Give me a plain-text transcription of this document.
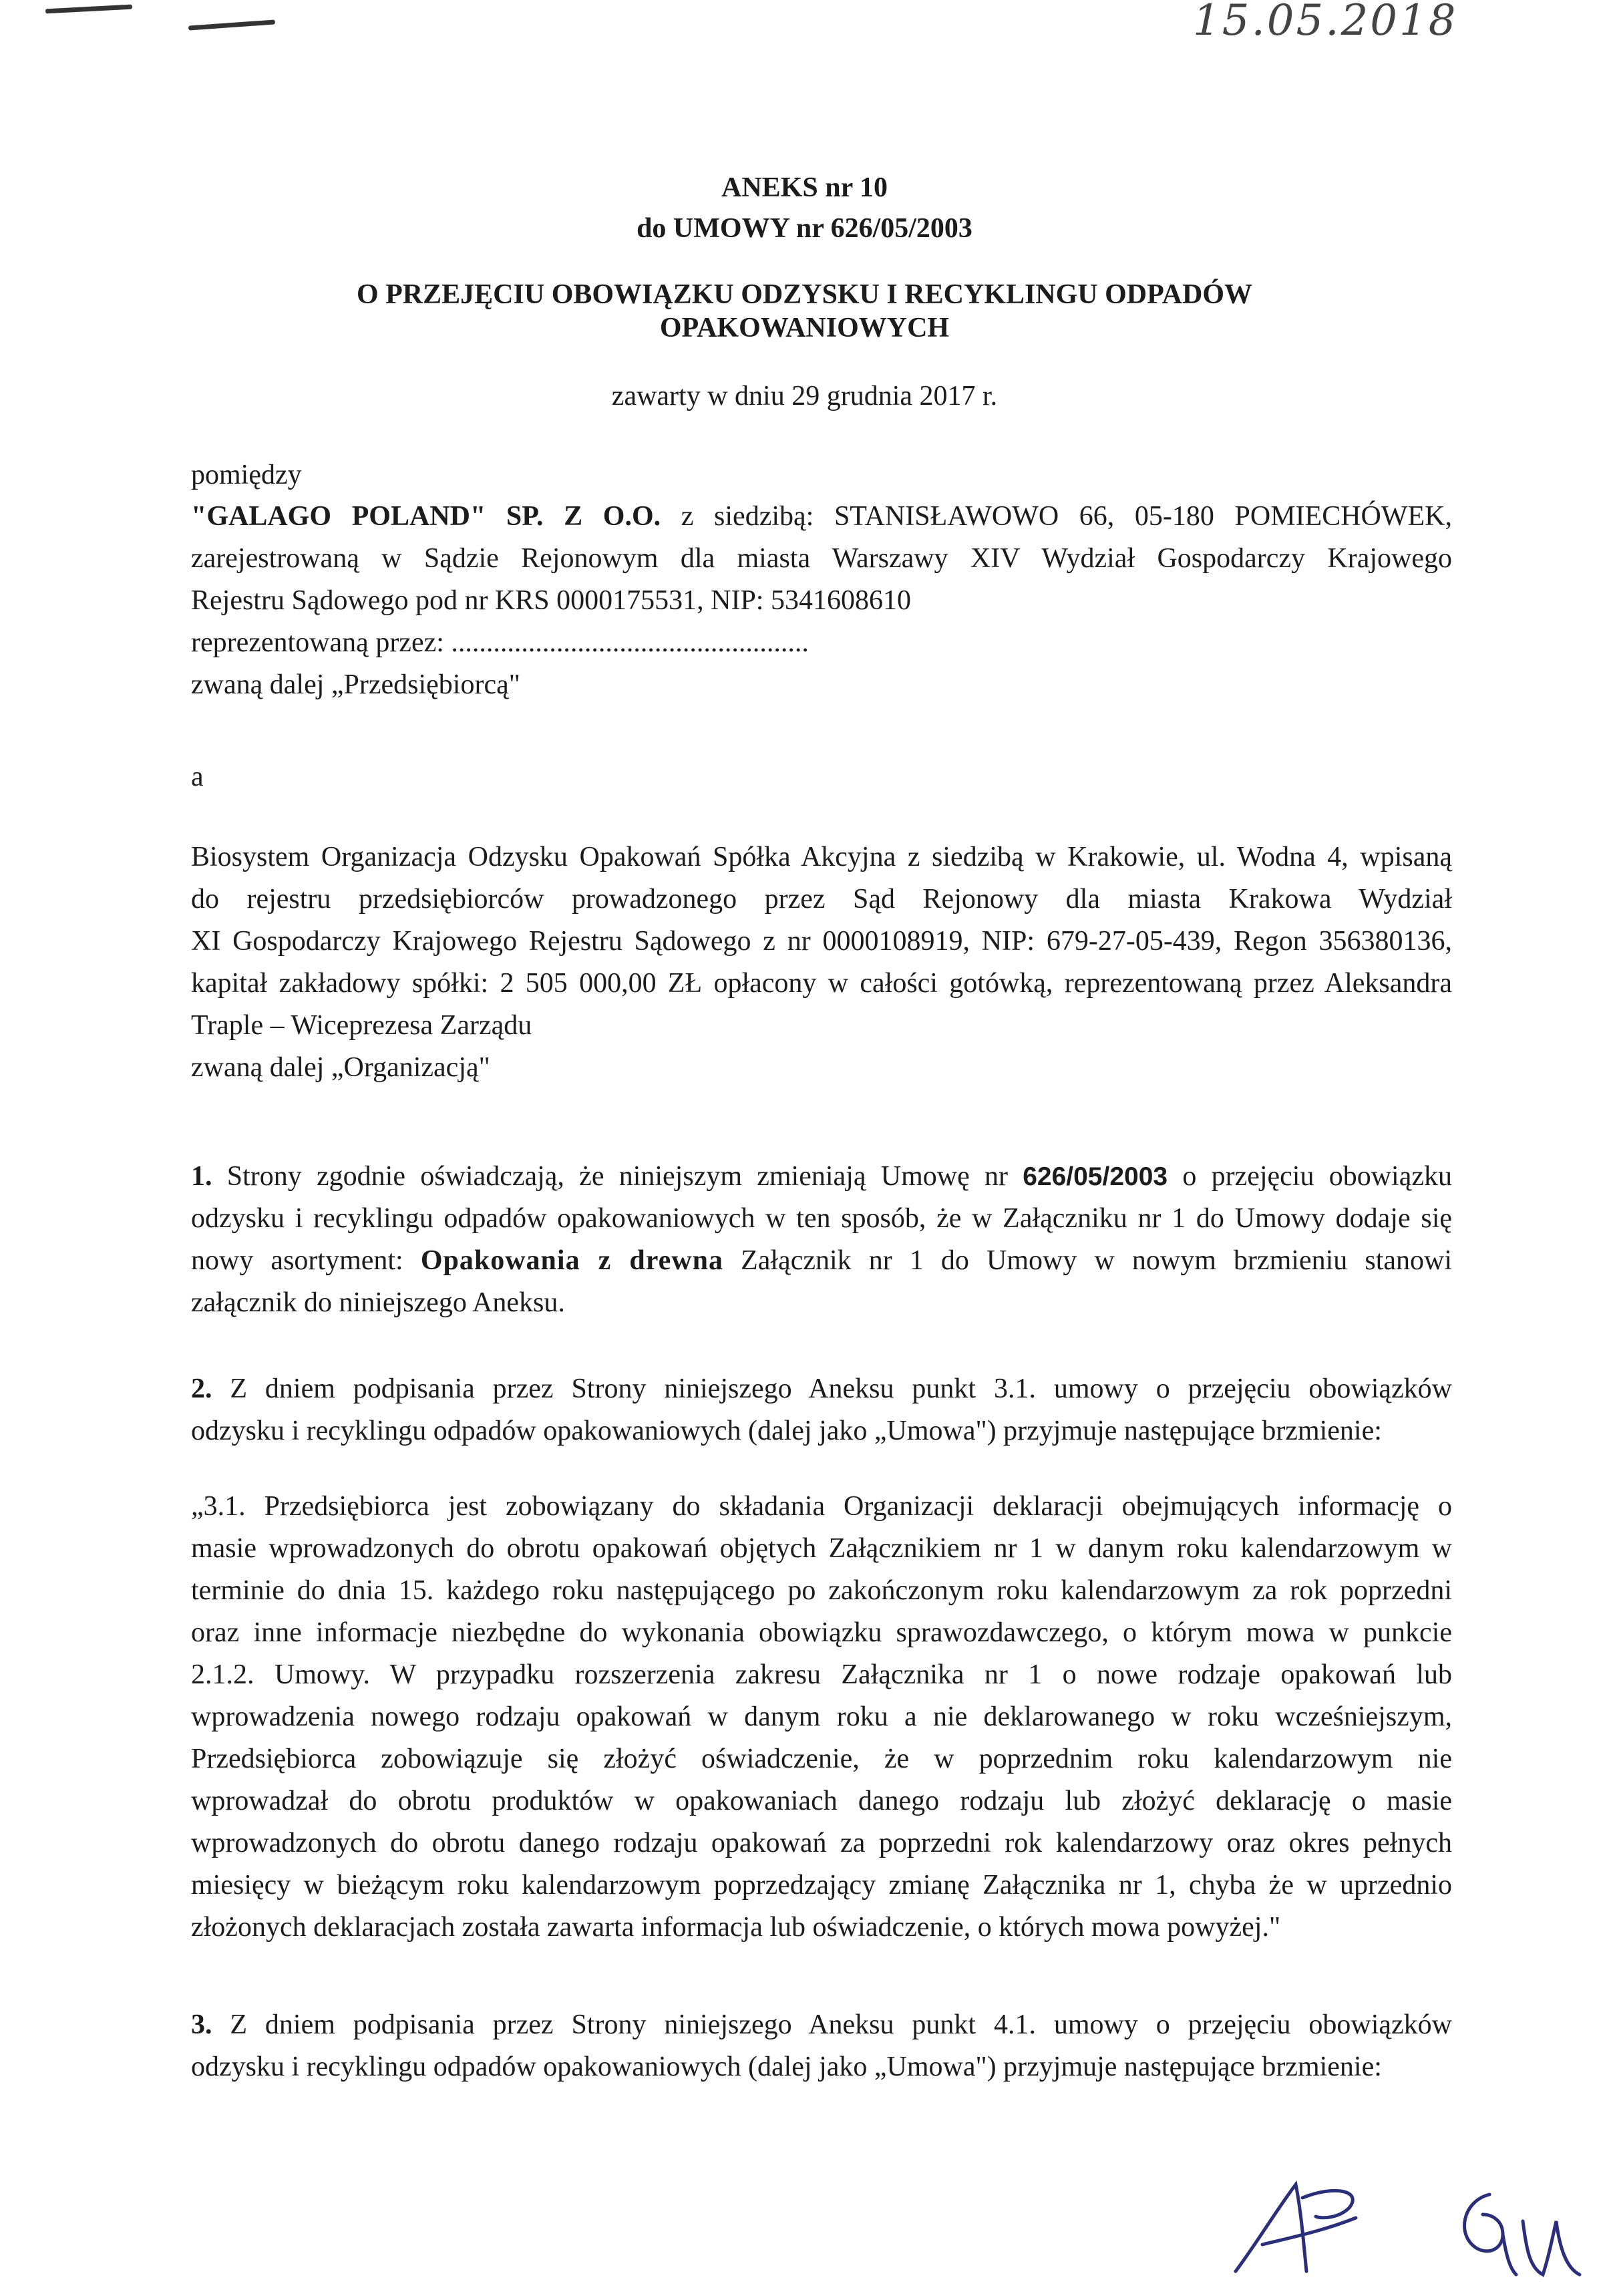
15.05.2018
ANEKS nr 10
do UMOWY nr 626/05/2003
O PRZEJĘCIU OBOWIĄZKU ODZYSKU I RECYKLINGU ODPADÓW
OPAKOWANIOWYCH
zawarty w dniu 29 grudnia 2017 r.
pomiędzy
"GALAGO POLAND" SP. Z O.O. z siedzibą: STANISŁAWOWO 66, 05-180 POMIECHÓWEK,
zarejestrowaną w Sądzie Rejonowym dla miasta Warszawy XIV Wydział Gospodarczy Krajowego
Rejestru Sądowego pod nr KRS 0000175531, NIP: 5341608610
reprezentowaną przez: ...................................................
zwaną dalej „Przedsiębiorcą"
a
Biosystem Organizacja Odzysku Opakowań Spółka Akcyjna z siedzibą w Krakowie, ul. Wodna 4, wpisaną
do rejestru przedsiębiorców prowadzonego przez Sąd Rejonowy dla miasta Krakowa Wydział
XI Gospodarczy Krajowego Rejestru Sądowego z nr 0000108919, NIP: 679-27-05-439, Regon 356380136,
kapitał zakładowy spółki: 2 505 000,00 ZŁ opłacony w całości gotówką, reprezentowaną przez Aleksandra
Traple – Wiceprezesa Zarządu
zwaną dalej „Organizacją"
1. Strony zgodnie oświadczają, że niniejszym zmieniają Umowę nr 626/05/2003 o przejęciu obowiązku
odzysku i recyklingu odpadów opakowaniowych w ten sposób, że w Załączniku nr 1 do Umowy dodaje się
nowy asortyment: Opakowania z drewna Załącznik nr 1 do Umowy w nowym brzmieniu stanowi
załącznik do niniejszego Aneksu.
2. Z dniem podpisania przez Strony niniejszego Aneksu punkt 3.1. umowy o przejęciu obowiązków
odzysku i recyklingu odpadów opakowaniowych (dalej jako „Umowa") przyjmuje następujące brzmienie:
„3.1. Przedsiębiorca jest zobowiązany do składania Organizacji deklaracji obejmujących informację o
masie wprowadzonych do obrotu opakowań objętych Załącznikiem nr 1 w danym roku kalendarzowym w
terminie do dnia 15. każdego roku następującego po zakończonym roku kalendarzowym za rok poprzedni
oraz inne informacje niezbędne do wykonania obowiązku sprawozdawczego, o którym mowa w punkcie
2.1.2. Umowy. W przypadku rozszerzenia zakresu Załącznika nr 1 o nowe rodzaje opakowań lub
wprowadzenia nowego rodzaju opakowań w danym roku a nie deklarowanego w roku wcześniejszym,
Przedsiębiorca zobowiązuje się złożyć oświadczenie, że w poprzednim roku kalendarzowym nie
wprowadzał do obrotu produktów w opakowaniach danego rodzaju lub złożyć deklarację o masie
wprowadzonych do obrotu danego rodzaju opakowań za poprzedni rok kalendarzowy oraz okres pełnych
miesięcy w bieżącym roku kalendarzowym poprzedzający zmianę Załącznika nr 1, chyba że w uprzednio
złożonych deklaracjach została zawarta informacja lub oświadczenie, o których mowa powyżej."
3. Z dniem podpisania przez Strony niniejszego Aneksu punkt 4.1. umowy o przejęciu obowiązków
odzysku i recyklingu odpadów opakowaniowych (dalej jako „Umowa") przyjmuje następujące brzmienie:
